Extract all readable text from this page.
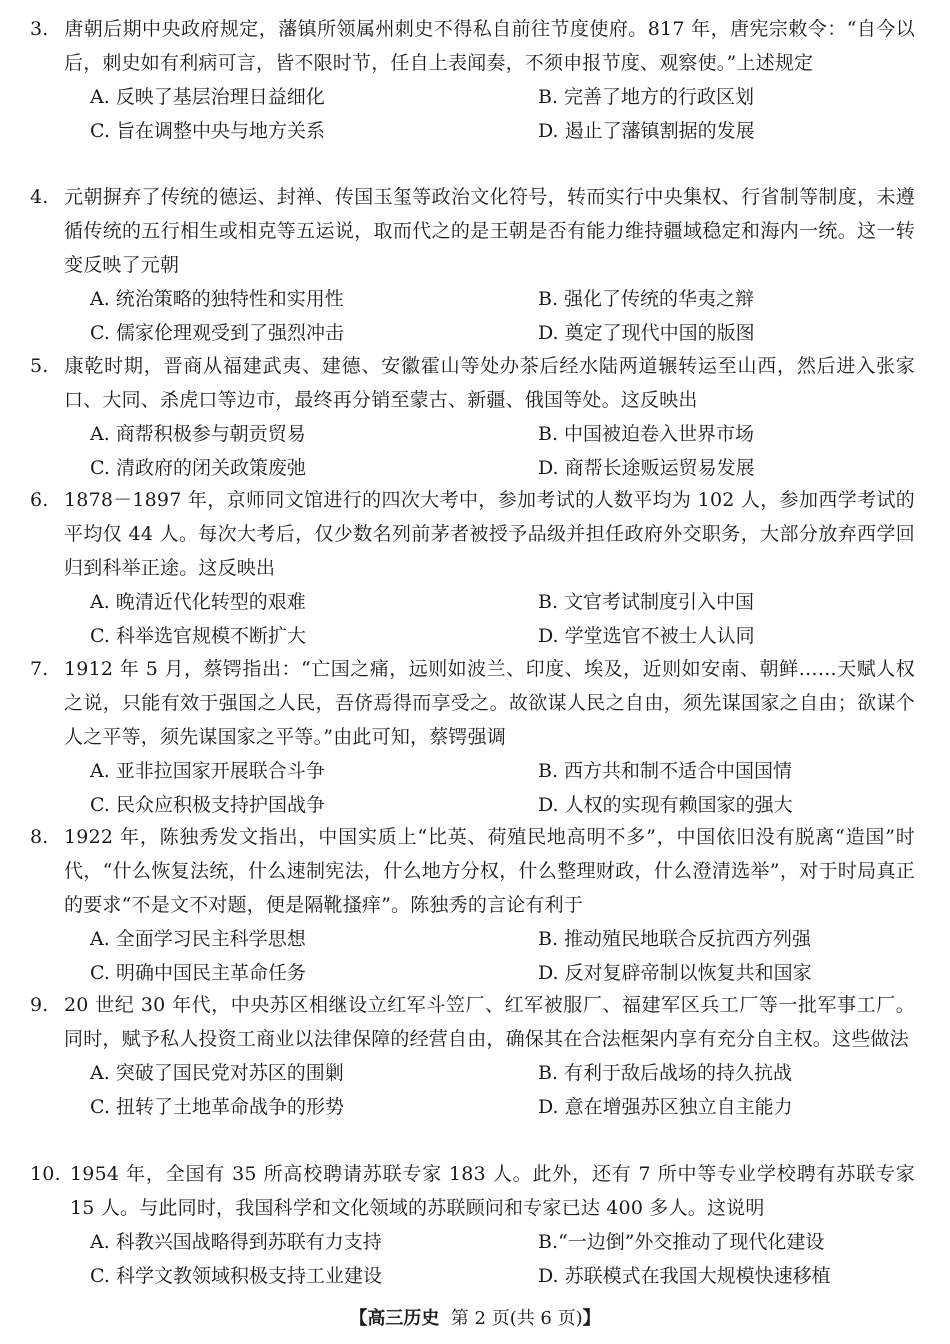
3. 唐朝后期中央政府规定，藩镇所领属州刺史不得私自前往节度使府。817 年，唐宪宗敕令：“自今以后，刺史如有利病可言，皆不限时节，任自上表闻奏，不须申报节度、观察使。”上述规定
A. 反映了基层治理日益细化	B. 完善了地方的行政区划
C. 旨在调整中央与地方关系	D. 遏止了藩镇割据的发展
4. 元朝摒弃了传统的德运、封禅、传国玉玺等政治文化符号，转而实行中央集权、行省制等制度，未遵循传统的五行相生或相克等五运说，取而代之的是王朝是否有能力维持疆域稳定和海内一统。这一转变反映了元朝
A. 统治策略的独特性和实用性	B. 强化了传统的华夷之辩
C. 儒家伦理观受到了强烈冲击	D. 奠定了现代中国的版图
5. 康乾时期，晋商从福建武夷、建德、安徽霍山等处办茶后经水陆两道辗转运至山西，然后进入张家口、大同、杀虎口等边市，最终再分销至蒙古、新疆、俄国等处。这反映出
A. 商帮积极参与朝贡贸易	B. 中国被迫卷入世界市场
C. 清政府的闭关政策废弛	D. 商帮长途贩运贸易发展
6. 1878－1897 年，京师同文馆进行的四次大考中，参加考试的人数平均为 102 人，参加西学考试的平均仅 44 人。每次大考后，仅少数名列前茅者被授予品级并担任政府外交职务，大部分放弃西学回归到科举正途。这反映出
A. 晚清近代化转型的艰难	B. 文官考试制度引入中国
C. 科举选官规模不断扩大	D. 学堂选官不被士人认同
7. 1912 年 5 月，蔡锷指出：“亡国之痛，远则如波兰、印度、埃及，近则如安南、朝鲜……天赋人权之说，只能有效于强国之人民，吾侪焉得而享受之。故欲谋人民之自由，须先谋国家之自由；欲谋个人之平等，须先谋国家之平等。”由此可知，蔡锷强调
A. 亚非拉国家开展联合斗争	B. 西方共和制不适合中国国情
C. 民众应积极支持护国战争	D. 人权的实现有赖国家的强大
8. 1922 年，陈独秀发文指出，中国实质上“比英、荷殖民地高明不多”，中国依旧没有脱离“造国”时代，“什么恢复法统，什么速制宪法，什么地方分权，什么整理财政，什么澄清选举”，对于时局真正的要求“不是文不对题，便是隔靴搔痒”。陈独秀的言论有利于
A. 全面学习民主科学思想	B. 推动殖民地联合反抗西方列强
C. 明确中国民主革命任务	D. 反对复辟帝制以恢复共和国家
9. 20 世纪 30 年代，中央苏区相继设立红军斗笠厂、红军被服厂、福建军区兵工厂等一批军事工厂。同时，赋予私人投资工商业以法律保障的经营自由，确保其在合法框架内享有充分自主权。这些做法
A. 突破了国民党对苏区的围剿	B. 有利于敌后战场的持久抗战
C. 扭转了土地革命战争的形势	D. 意在增强苏区独立自主能力
10. 1954 年，全国有 35 所高校聘请苏联专家 183 人。此外，还有 7 所中等专业学校聘有苏联专家 15 人。与此同时，我国科学和文化领域的苏联顾问和专家已达 400 多人。这说明
A. 科教兴国战略得到苏联有力支持	B.“一边倒”外交推动了现代化建设
C. 科学文教领域积极支持工业建设	D. 苏联模式在我国大规模快速移植
【高三历史 第 2 页(共 6 页)】
